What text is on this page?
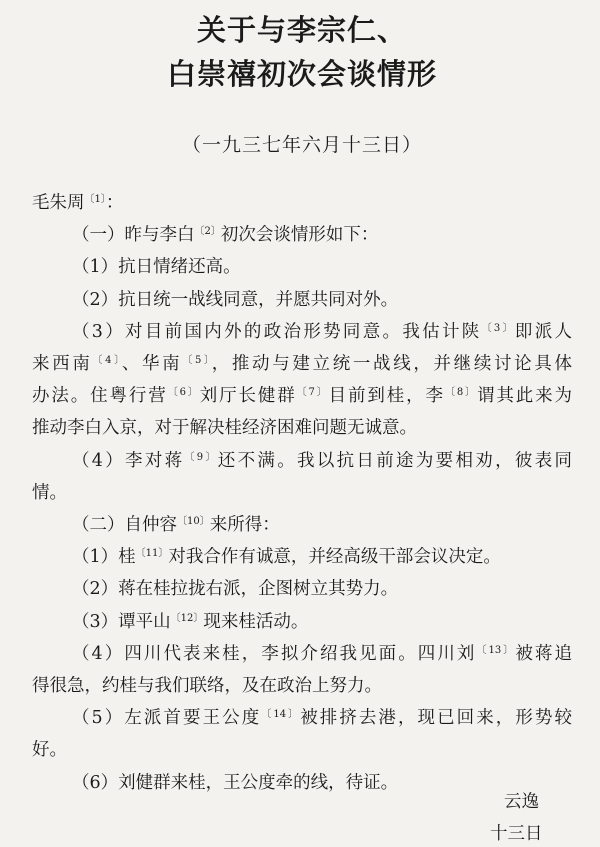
关于与李宗仁、
白崇禧初次会谈情形
（一九三七年六月十三日）
毛朱周$^{〔1〕}$：
（一）昨与李白$^{〔2〕}$初次会谈情形如下：
（1）抗日情绪还高。
（2）抗日统一战线同意，并愿共同对外。
（3）对目前国内外的政治形势同意。我估计陕$^{〔3〕}$即派人
来西南$^{〔4〕}$、华南$^{〔5〕}$，推动与建立统一战线，并继续讨论具体
办法。住粤行营$^{〔6〕}$刘厅长健群$^{〔7〕}$目前到桂，李$^{〔8〕}$谓其此来为
推动李白入京，对于解决桂经济困难问题无诚意。
（4）李对蒋$^{〔9〕}$还不满。我以抗日前途为要相劝，彼表同
情。
（二）自仲容$^{〔10〕}$来所得：
（1）桂$^{〔11〕}$对我合作有诚意，并经高级干部会议决定。
（2）蒋在桂拉拢右派，企图树立其势力。
（3）谭平山$^{〔12〕}$现来桂活动。
（4）四川代表来桂，李拟介绍我见面。四川刘$^{〔13〕}$被蒋追
得很急，约桂与我们联络，及在政治上努力。
（5）左派首要王公度$^{〔14〕}$被排挤去港，现已回来，形势较
好。
（6）刘健群来桂，王公度牵的线，待证。
云逸
十三日
